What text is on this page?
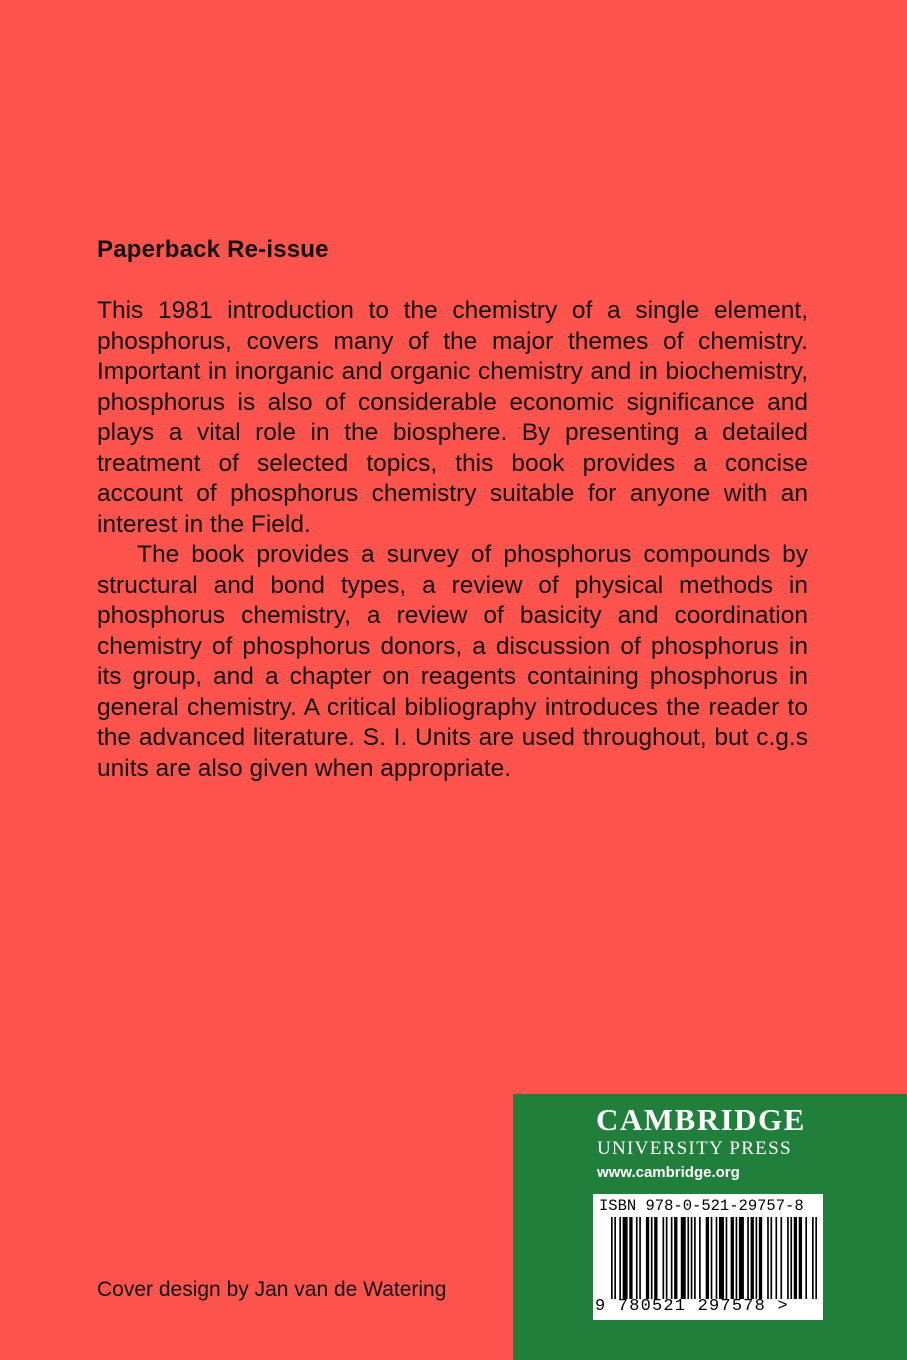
Paperback Re-issue

This 1981 introduction to the chemistry of a single element, phosphorus, covers many of the major themes of chemistry. Important in inorganic and organic chemistry and in biochemistry, phosphorus is also of considerable economic significance and plays a vital role in the biosphere. By presenting a detailed treatment of selected topics, this book provides a concise account of phosphorus chemistry suitable for anyone with an interest in the Field.

The book provides a survey of phosphorus compounds by structural and bond types, a review of physical methods in phosphorus chemistry, a review of basicity and coordination chemistry of phosphorus donors, a discussion of phosphorus in its group, and a chapter on reagents containing phosphorus in general chemistry. A critical bibliography introduces the reader to the advanced literature. S. I. Units are used throughout, but c.g.s units are also given when appropriate.

Cover design by Jan van de Watering
CAMBRIDGE
UNIVERSITY PRESS
www.cambridge.org
ISBN 978-0-521-29757-8
9 780521 297578 >
